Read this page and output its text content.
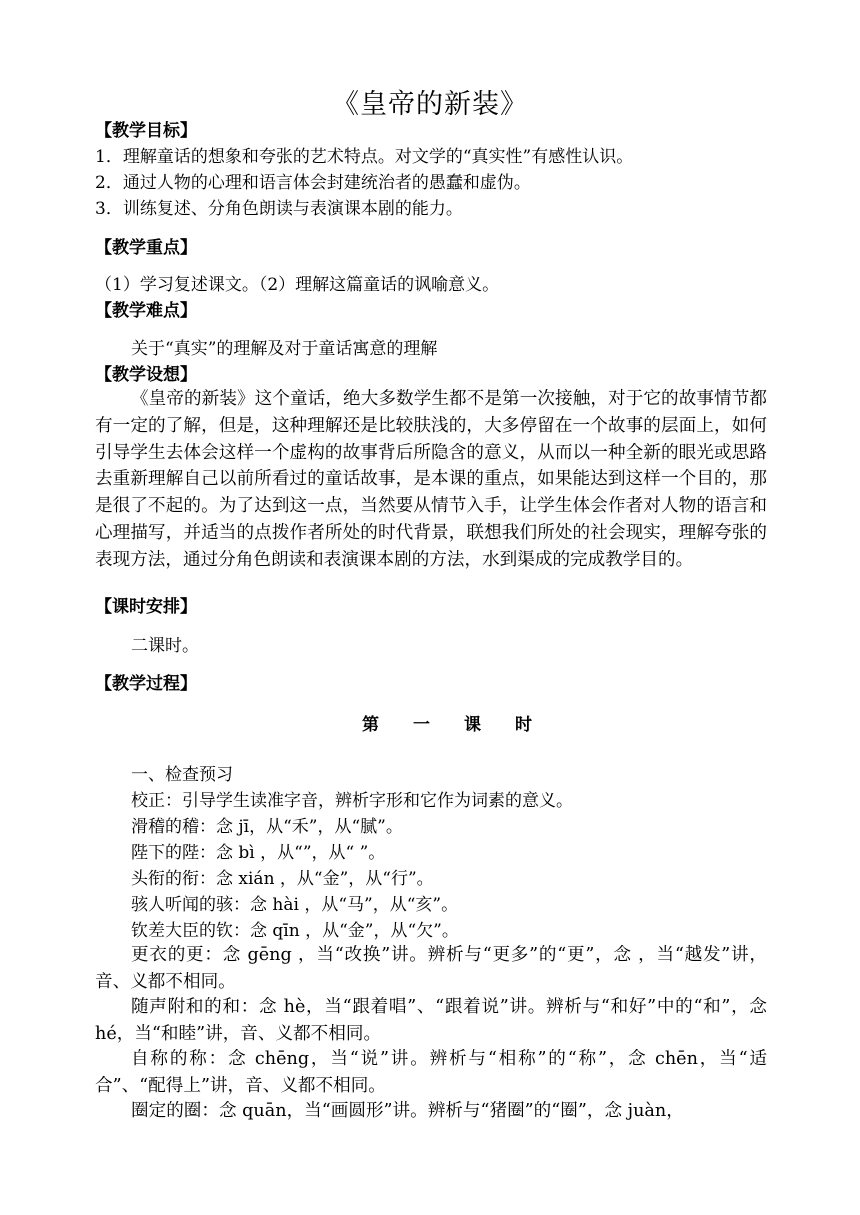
《皇帝的新装》
【教学目标】
1．理解童话的想象和夸张的艺术特点。对文学的“真实性”有感性认识。
2．通过人物的心理和语言体会封建统治者的愚蠢和虚伪。
3．训练复述、分角色朗读与表演课本剧的能力。
【教学重点】
（1）学习复述课文。（2）理解这篇童话的讽喻意义。
【教学难点】
关于“真实”的理解及对于童话寓意的理解
【教学设想】
《皇帝的新装》这个童话，绝大多数学生都不是第一次接触，对于它的故事情节都有一定的了解，但是，这种理解还是比较肤浅的，大多停留在一个故事的层面上，如何引导学生去体会这样一个虚构的故事背后所隐含的意义，从而以一种全新的眼光或思路去重新理解自己以前所看过的童话故事，是本课的重点，如果能达到这样一个目的，那是很了不起的。为了达到这一点，当然要从情节入手，让学生体会作者对人物的语言和心理描写，并适当的点拨作者所处的时代背景，联想我们所处的社会现实，理解夸张的表现方法，通过分角色朗读和表演课本剧的方法，水到渠成的完成教学目的。
【课时安排】
二课时。
【教学过程】
第一课时
一、检查预习
校正：引导学生读准字音，辨析字形和它作为词素的意义。
滑稽的稽：念 jī，从“禾”，从“腻”。
陛下的陛：念 bì ，从“”，从“ ”。
头衔的衔：念 xián ，从“金”，从“行”。
骇人听闻的骇：念 hài ，从“马”，从“亥”。
钦差大臣的钦：念 qīn ，从“金”，从“欠”。
更衣的更：念 gēng ，当“改换”讲。辨析与“更多”的“更”，念 ，当“越发”讲，音、义都不相同。
随声附和的和：念 hè，当“跟着唱”、“跟着说”讲。辨析与“和好”中的“和”，念 hé，当“和睦”讲，音、义都不相同。
自称的称：念 chēng，当“说”讲。辨析与“相称”的“称”，念 chēn，当“适合”、“配得上”讲，音、义都不相同。
圈定的圈：念 quān，当“画圆形”讲。辨析与“猪圈”的“圈”，念 juàn，
